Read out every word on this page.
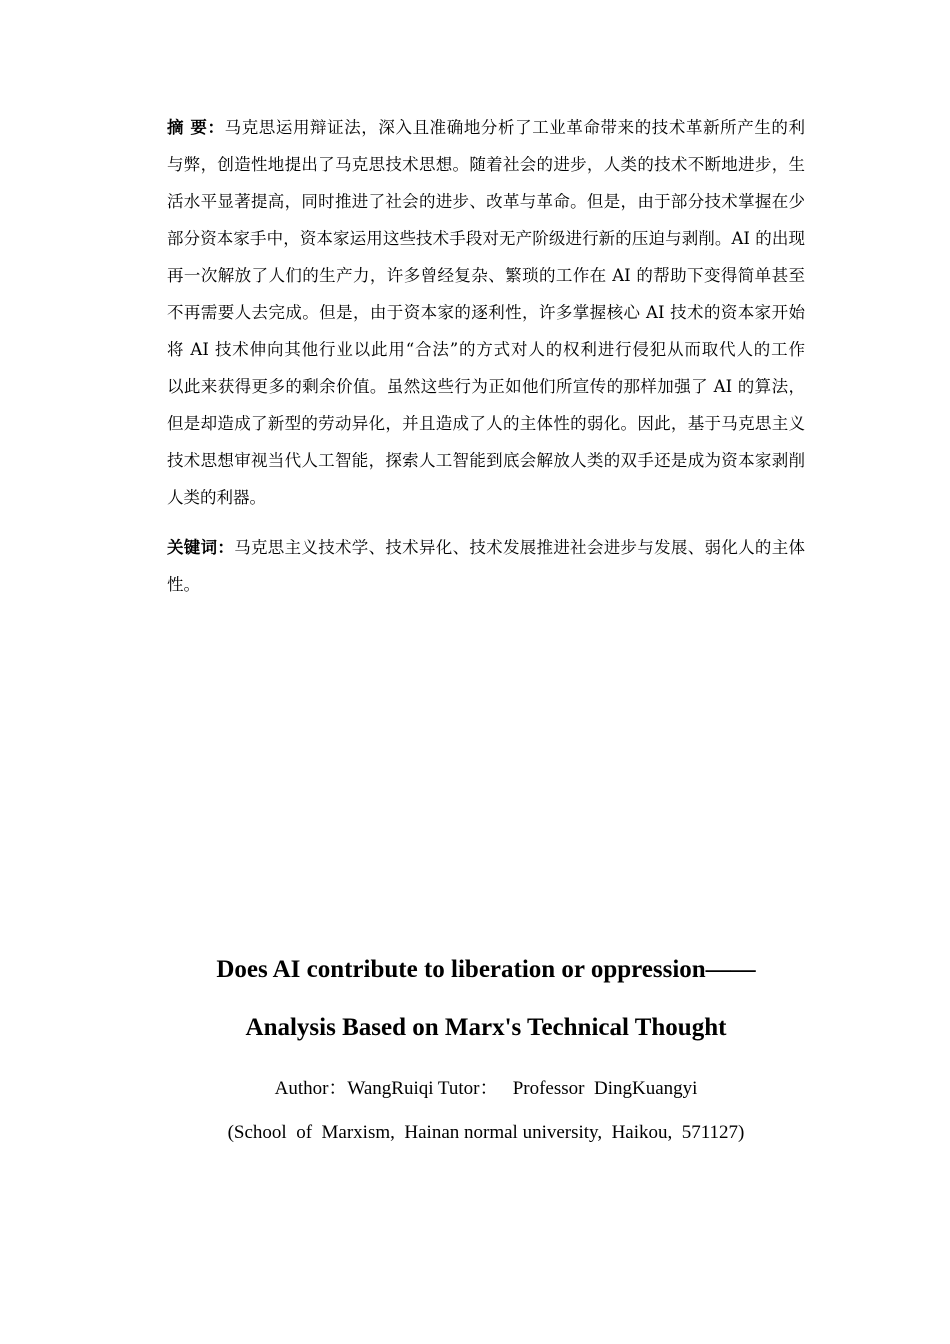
摘 要：马克思运用辩证法，深入且准确地分析了工业革命带来的技术革新所产生的利
与弊，创造性地提出了马克思技术思想。随着社会的进步，人类的技术不断地进步，生
活水平显著提高，同时推进了社会的进步、改革与革命。但是，由于部分技术掌握在少
部分资本家手中，资本家运用这些技术手段对无产阶级进行新的压迫与剥削。AI 的出现
再一次解放了人们的生产力，许多曾经复杂、繁琐的工作在 AI 的帮助下变得简单甚至
不再需要人去完成。但是，由于资本家的逐利性，许多掌握核心 AI 技术的资本家开始
将 AI 技术伸向其他行业以此用“合法”的方式对人的权利进行侵犯从而取代人的工作
以此来获得更多的剩余价值。虽然这些行为正如他们所宣传的那样加强了 AI 的算法，
但是却造成了新型的劳动异化，并且造成了人的主体性的弱化。因此，基于马克思主义
技术思想审视当代人工智能，探索人工智能到底会解放人类的双手还是成为资本家剥削
人类的利器。
关键词：马克思主义技术学、技术异化、技术发展推进社会进步与发展、弱化人的主体
性。
Does AI contribute to liberation or oppression——
Analysis Based on Marx's Technical Thought
Author：WangRuiqi Tutor：   Professor  DingKuangyi
(School  of  Marxism,  Hainan normal university,  Haikou,  571127)
